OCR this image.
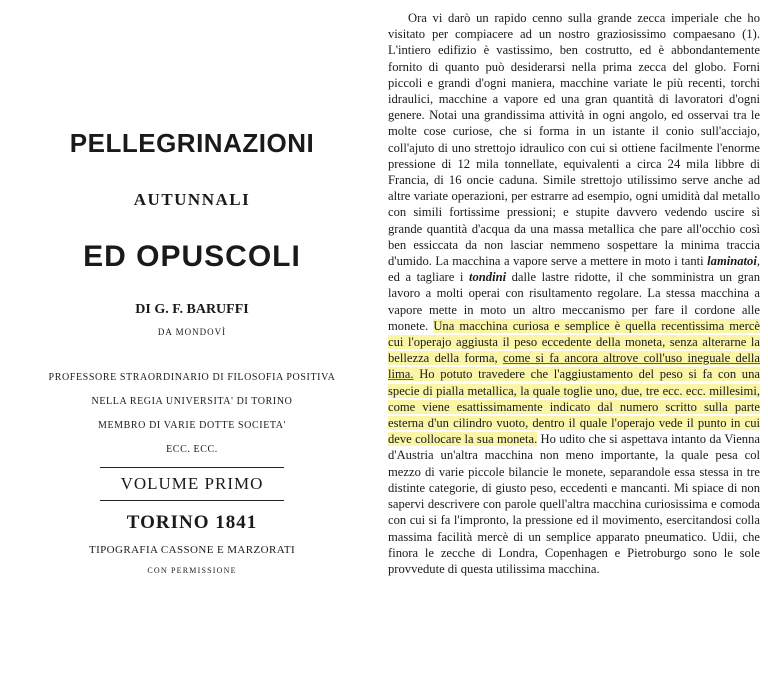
PELLEGRINAZIONI
AUTUNNALI
ED OPUSCOLI
DI G. F. BARUFFI
DA MONDOVÌ
PROFESSORE STRAORDINARIO DI FILOSOFIA POSITIVA
NELLA REGIA UNIVERSITA' DI TORINO
MEMBRO DI VARIE DOTTE SOCIETA'
ECC. ECC.
VOLUME PRIMO
TORINO 1841
TIPOGRAFIA CASSONE E MARZORATI
CON PERMISSIONE

Ora vi darò un rapido cenno sulla grande zecca imperiale che ho visitato per compiacere ad un nostro graziosissimo compaesano (1). L'intiero edifizio è vastissimo, ben costrutto, ed è abbondantemente fornito di quanto può desiderarsi nella prima zecca del globo. Forni piccoli e grandi d'ogni maniera, macchine variate le più recenti, torchi idraulici, macchine a vapore ed una gran quantità di lavoratori d'ogni genere. Notai una grandissima attività in ogni angolo, ed osservai tra le molte cose curiose, che si forma in un istante il conio sull'acciajo, coll'ajuto di uno strettojo idraulico con cui si ottiene facilmente l'enorme pressione di 12 mila tonnellate, equivalenti a circa 24 mila libbre di Francia, di 16 oncie caduna. Simile strettojo utilissimo serve anche ad altre variate operazioni, per estrarre ad esempio, ogni umidità dal metallo con simili fortissime pressioni; e stupite davvero vedendo uscire sì grande quantità d'acqua da una massa metallica che pare all'occhio così ben essiccata da non lasciar nemmeno sospettare la minima traccia d'umido. La macchina a vapore serve a mettere in moto i tanti laminatoi, ed a tagliare i tondini dalle lastre ridotte, il che somministra un gran lavoro a molti operai con risultamento regolare. La stessa macchina a vapore mette in moto un altro meccanismo per fare il cordone alle monete. Una macchina curiosa e semplice è quella recentissima mercè cui l'operajo aggiusta il peso eccedente della moneta, senza alterarne la bellezza della forma, come si fa ancora altrove coll'uso ineguale della lima. Ho potuto travedere che l'aggiustamento del peso si fa con una specie di pialla metallica, la quale toglie uno, due, tre ecc. ecc. millesimi, come viene esattissimamente indicato dal numero scritto sulla parte esterna d'un cilindro vuoto, dentro il quale l'operajo vede il punto in cui deve collocare la sua moneta. Ho udito che si aspettava intanto da Vienna d'Austria un'altra macchina non meno importante, la quale pesa col mezzo di varie piccole bilancie le monete, separandole essa stessa in tre distinte categorie, di giusto peso, eccedenti e mancanti. Mi spiace di non sapervi descrivere con parole quell'altra macchina curiosissima e comoda con cui si fa l'impronto, la pressione ed il movimento, esercitandosi colla massima facilità mercè di un semplice apparato pneumatico. Udii, che finora le zecche di Londra, Copenhagen e Pietroburgo sono le sole provvedute di questa utilissima macchina.
